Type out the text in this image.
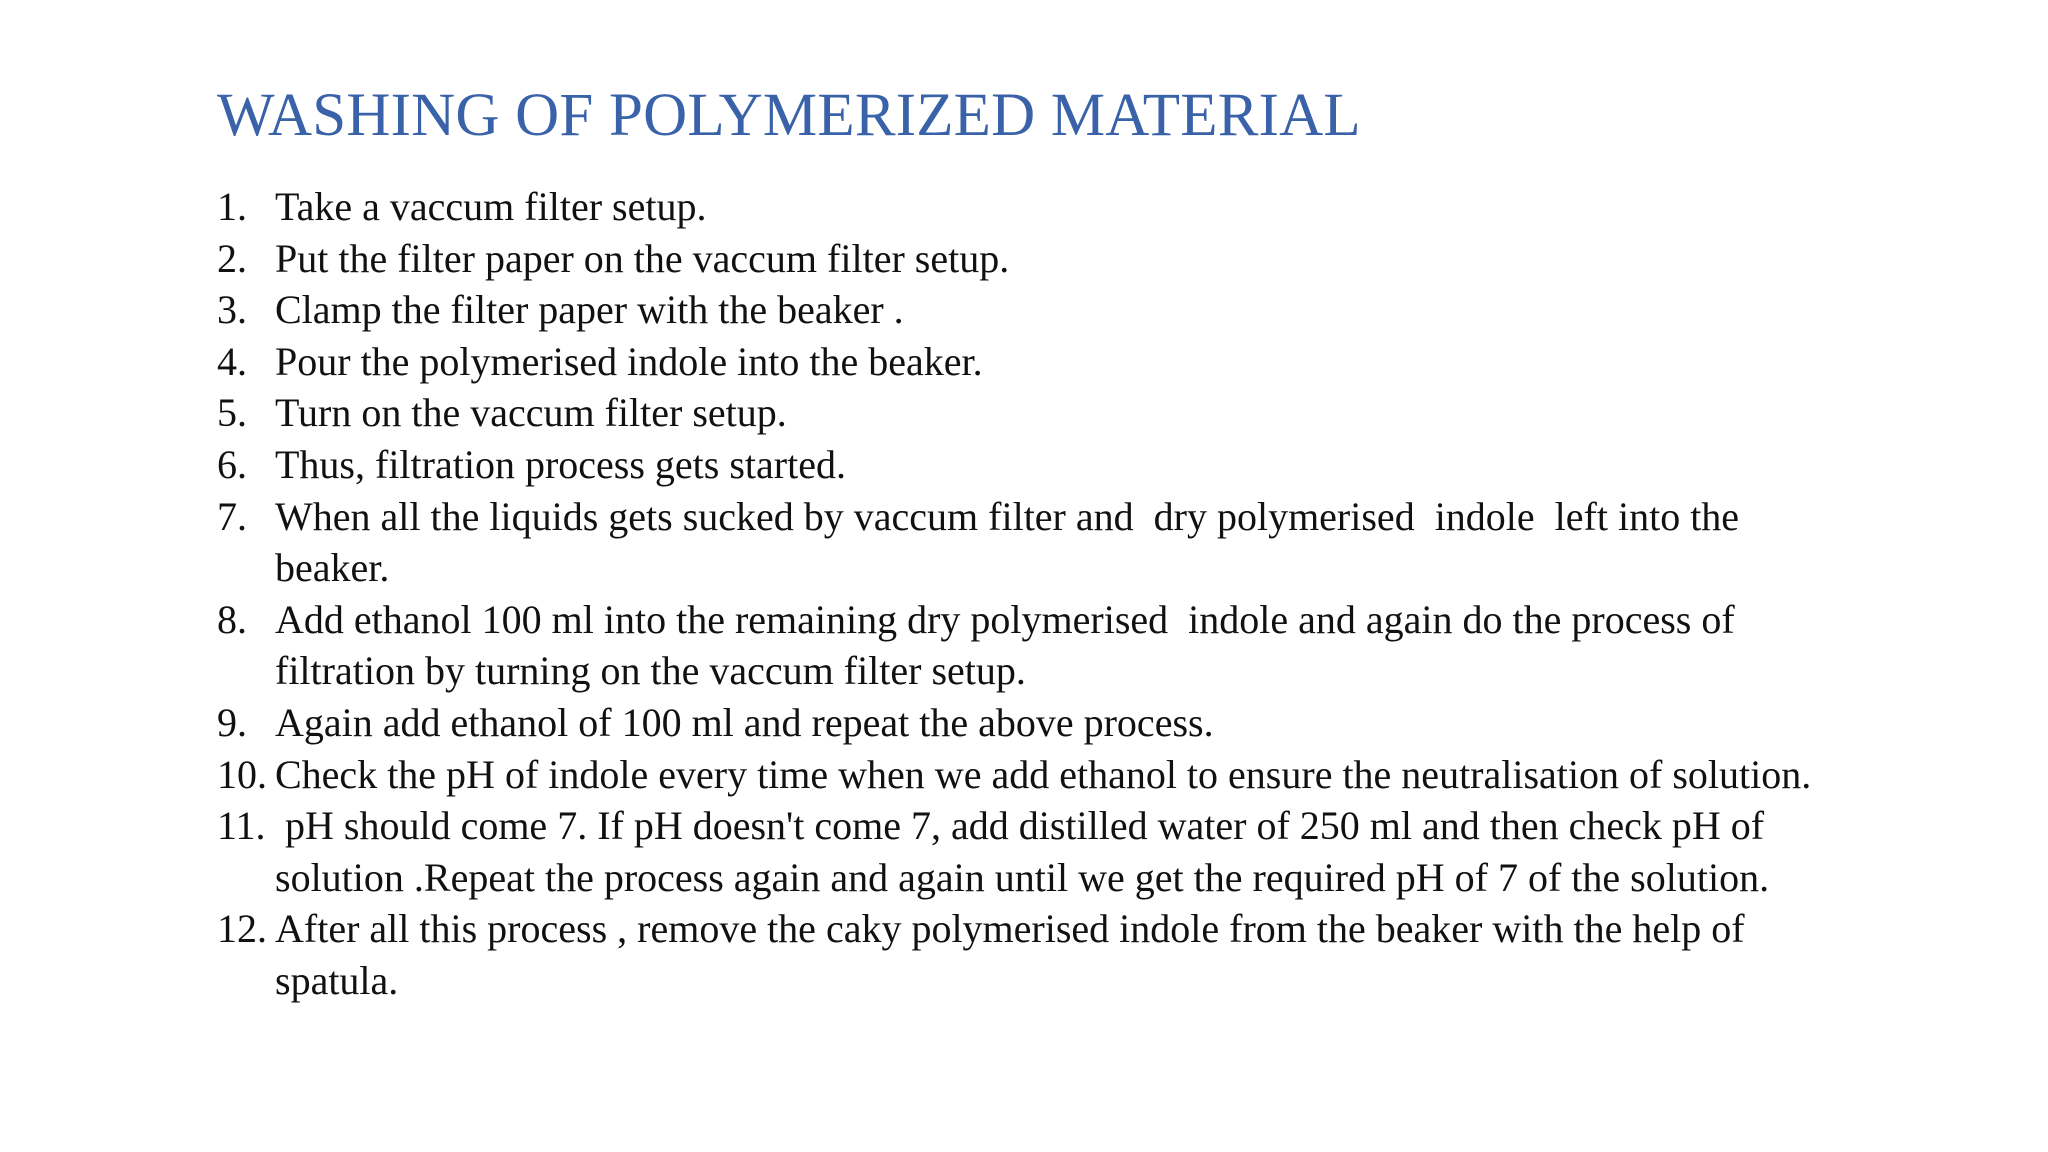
WASHING OF POLYMERIZED MATERIAL
1. Take a vaccum filter setup.
2. Put the filter paper on the vaccum filter setup.
3. Clamp the filter paper with the beaker .
4. Pour the polymerised indole into the beaker.
5. Turn on the vaccum filter setup.
6. Thus, filtration process gets started.
7. When all the liquids gets sucked by vaccum filter and  dry polymerised  indole  left into the beaker.
8. Add ethanol 100 ml into the remaining dry polymerised  indole and again do the process of filtration by turning on the vaccum filter setup.
9. Again add ethanol of 100 ml and repeat the above process.
10. Check the pH of indole every time when we add ethanol to ensure the neutralisation of solution.
11. pH should come 7. If pH doesn't come 7, add distilled water of 250 ml and then check pH of solution .Repeat the process again and again until we get the required pH of 7 of the solution.
12. After all this process , remove the caky polymerised indole from the beaker with the help of spatula.
